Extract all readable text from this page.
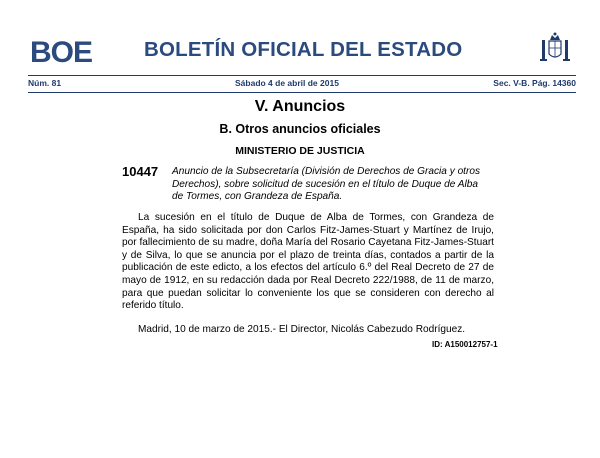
BOE	BOLETÍN OFICIAL DEL ESTADO
Núm. 81	Sábado 4 de abril de 2015	Sec. V-B. Pág. 14360
V. Anuncios
B. Otros anuncios oficiales
MINISTERIO DE JUSTICIA
10447 Anuncio de la Subsecretaría (División de Derechos de Gracia y otros Derechos), sobre solicitud de sucesión en el título de Duque de Alba de Tormes, con Grandeza de España.
La sucesión en el título de Duque de Alba de Tormes, con Grandeza de España, ha sido solicitada por don Carlos Fitz-James-Stuart y Martínez de Irujo, por fallecimiento de su madre, doña María del Rosario Cayetana Fitz-James-Stuart y de Silva, lo que se anuncia por el plazo de treinta días, contados a partir de la publicación de este edicto, a los efectos del artículo 6.º del Real Decreto de 27 de mayo de 1912, en su redacción dada por Real Decreto 222/1988, de 11 de marzo, para que puedan solicitar lo conveniente los que se consideren con derecho al referido título.
Madrid, 10 de marzo de 2015.- El Director, Nicolás Cabezudo Rodríguez.
ID: A150012757-1
